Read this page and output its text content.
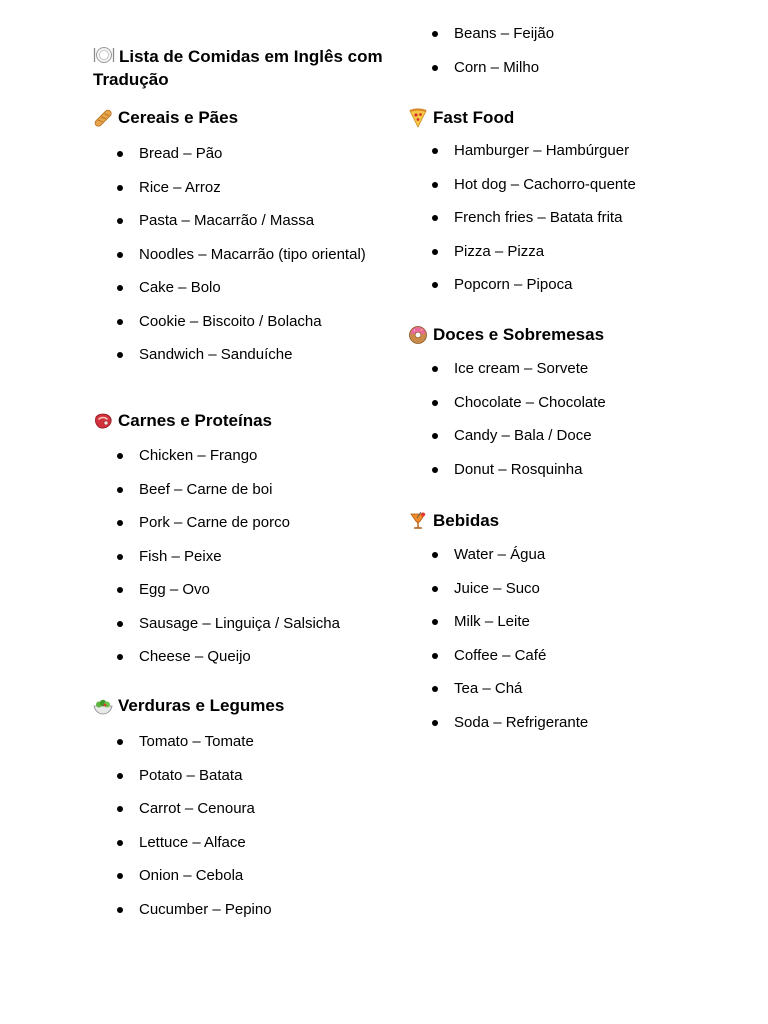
Lista de Comidas em Inglês com Tradução
Cereais e Pães
Bread – Pão
Rice – Arroz
Pasta – Macarrão / Massa
Noodles – Macarrão (tipo oriental)
Cake – Bolo
Cookie – Biscoito / Bolacha
Sandwich – Sanduíche
Carnes e Proteínas
Chicken – Frango
Beef – Carne de boi
Pork – Carne de porco
Fish – Peixe
Egg – Ovo
Sausage – Linguiça / Salsicha
Cheese – Queijo
Verduras e Legumes
Tomato – Tomate
Potato – Batata
Carrot – Cenoura
Lettuce – Alface
Onion – Cebola
Cucumber – Pepino
Beans – Feijão
Corn – Milho
Fast Food
Hamburger – Hambúrguer
Hot dog – Cachorro-quente
French fries – Batata frita
Pizza – Pizza
Popcorn – Pipoca
Doces e Sobremesas
Ice cream – Sorvete
Chocolate – Chocolate
Candy – Bala / Doce
Donut – Rosquinha
Bebidas
Water – Água
Juice – Suco
Milk – Leite
Coffee – Café
Tea – Chá
Soda – Refrigerante
